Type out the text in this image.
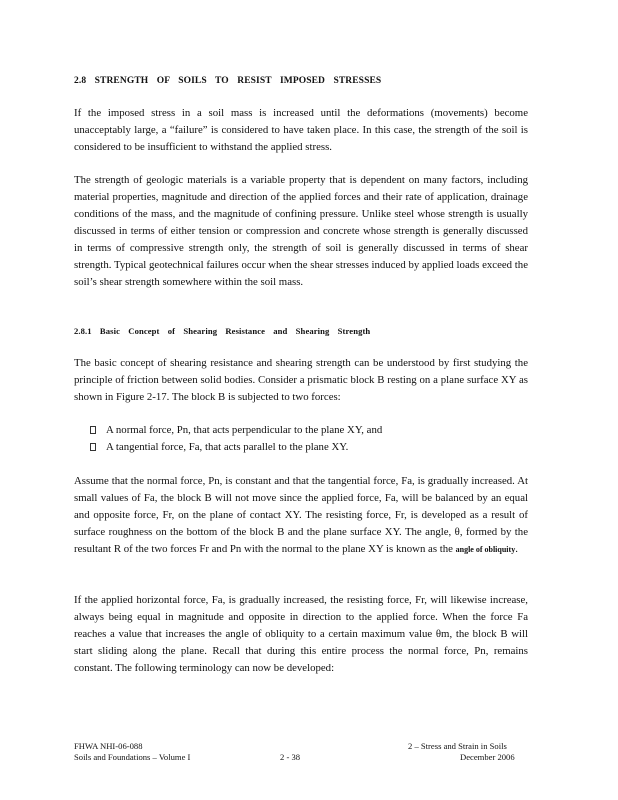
2.8 STRENGTH OF SOILS TO RESIST IMPOSED STRESSES

If the imposed stress in a soil mass is increased until the deformations (movements) become unacceptably large, a “failure” is considered to have taken place. In this case, the strength of the soil is considered to be insufficient to withstand the applied stress.

The strength of geologic materials is a variable property that is dependent on many factors, including material properties, magnitude and direction of the applied forces and their rate of application, drainage conditions of the mass, and the magnitude of confining pressure. Unlike steel whose strength is usually discussed in terms of either tension or compression and concrete whose strength is generally discussed in terms of compressive strength only, the strength of soil is generally discussed in terms of shear strength. Typical geotechnical failures occur when the shear stresses induced by applied loads exceed the soil’s shear strength somewhere within the soil mass.

2.8.1 Basic Concept of Shearing Resistance and Shearing Strength

The basic concept of shearing resistance and shearing strength can be understood by first studying the principle of friction between solid bodies. Consider a prismatic block B resting on a plane surface XY as shown in Figure 2-17. The block B is subjected to two forces:

A normal force, Pn, that acts perpendicular to the plane XY, and
A tangential force, Fa, that acts parallel to the plane XY.

Assume that the normal force, Pn, is constant and that the tangential force, Fa, is gradually increased. At small values of Fa, the block B will not move since the applied force, Fa, will be balanced by an equal and opposite force, Fr, on the plane of contact XY. The resisting force, Fr, is developed as a result of surface roughness on the bottom of the block B and the plane surface XY. The angle, θ, formed by the resultant R of the two forces Fr and Pn with the normal to the plane XY is known as the angle of obliquity.

If the applied horizontal force, Fa, is gradually increased, the resisting force, Fr, will likewise increase, always being equal in magnitude and opposite in direction to the applied force. When the force Fa reaches a value that increases the angle of obliquity to a certain maximum value θm, the block B will start sliding along the plane. Recall that during this entire process the normal force, Pn, remains constant. The following terminology can now be developed:

FHWA NHI-06-088
Soils and Foundations – Volume I	2 - 38
2 – Stress and Strain in Soils
December 2006
